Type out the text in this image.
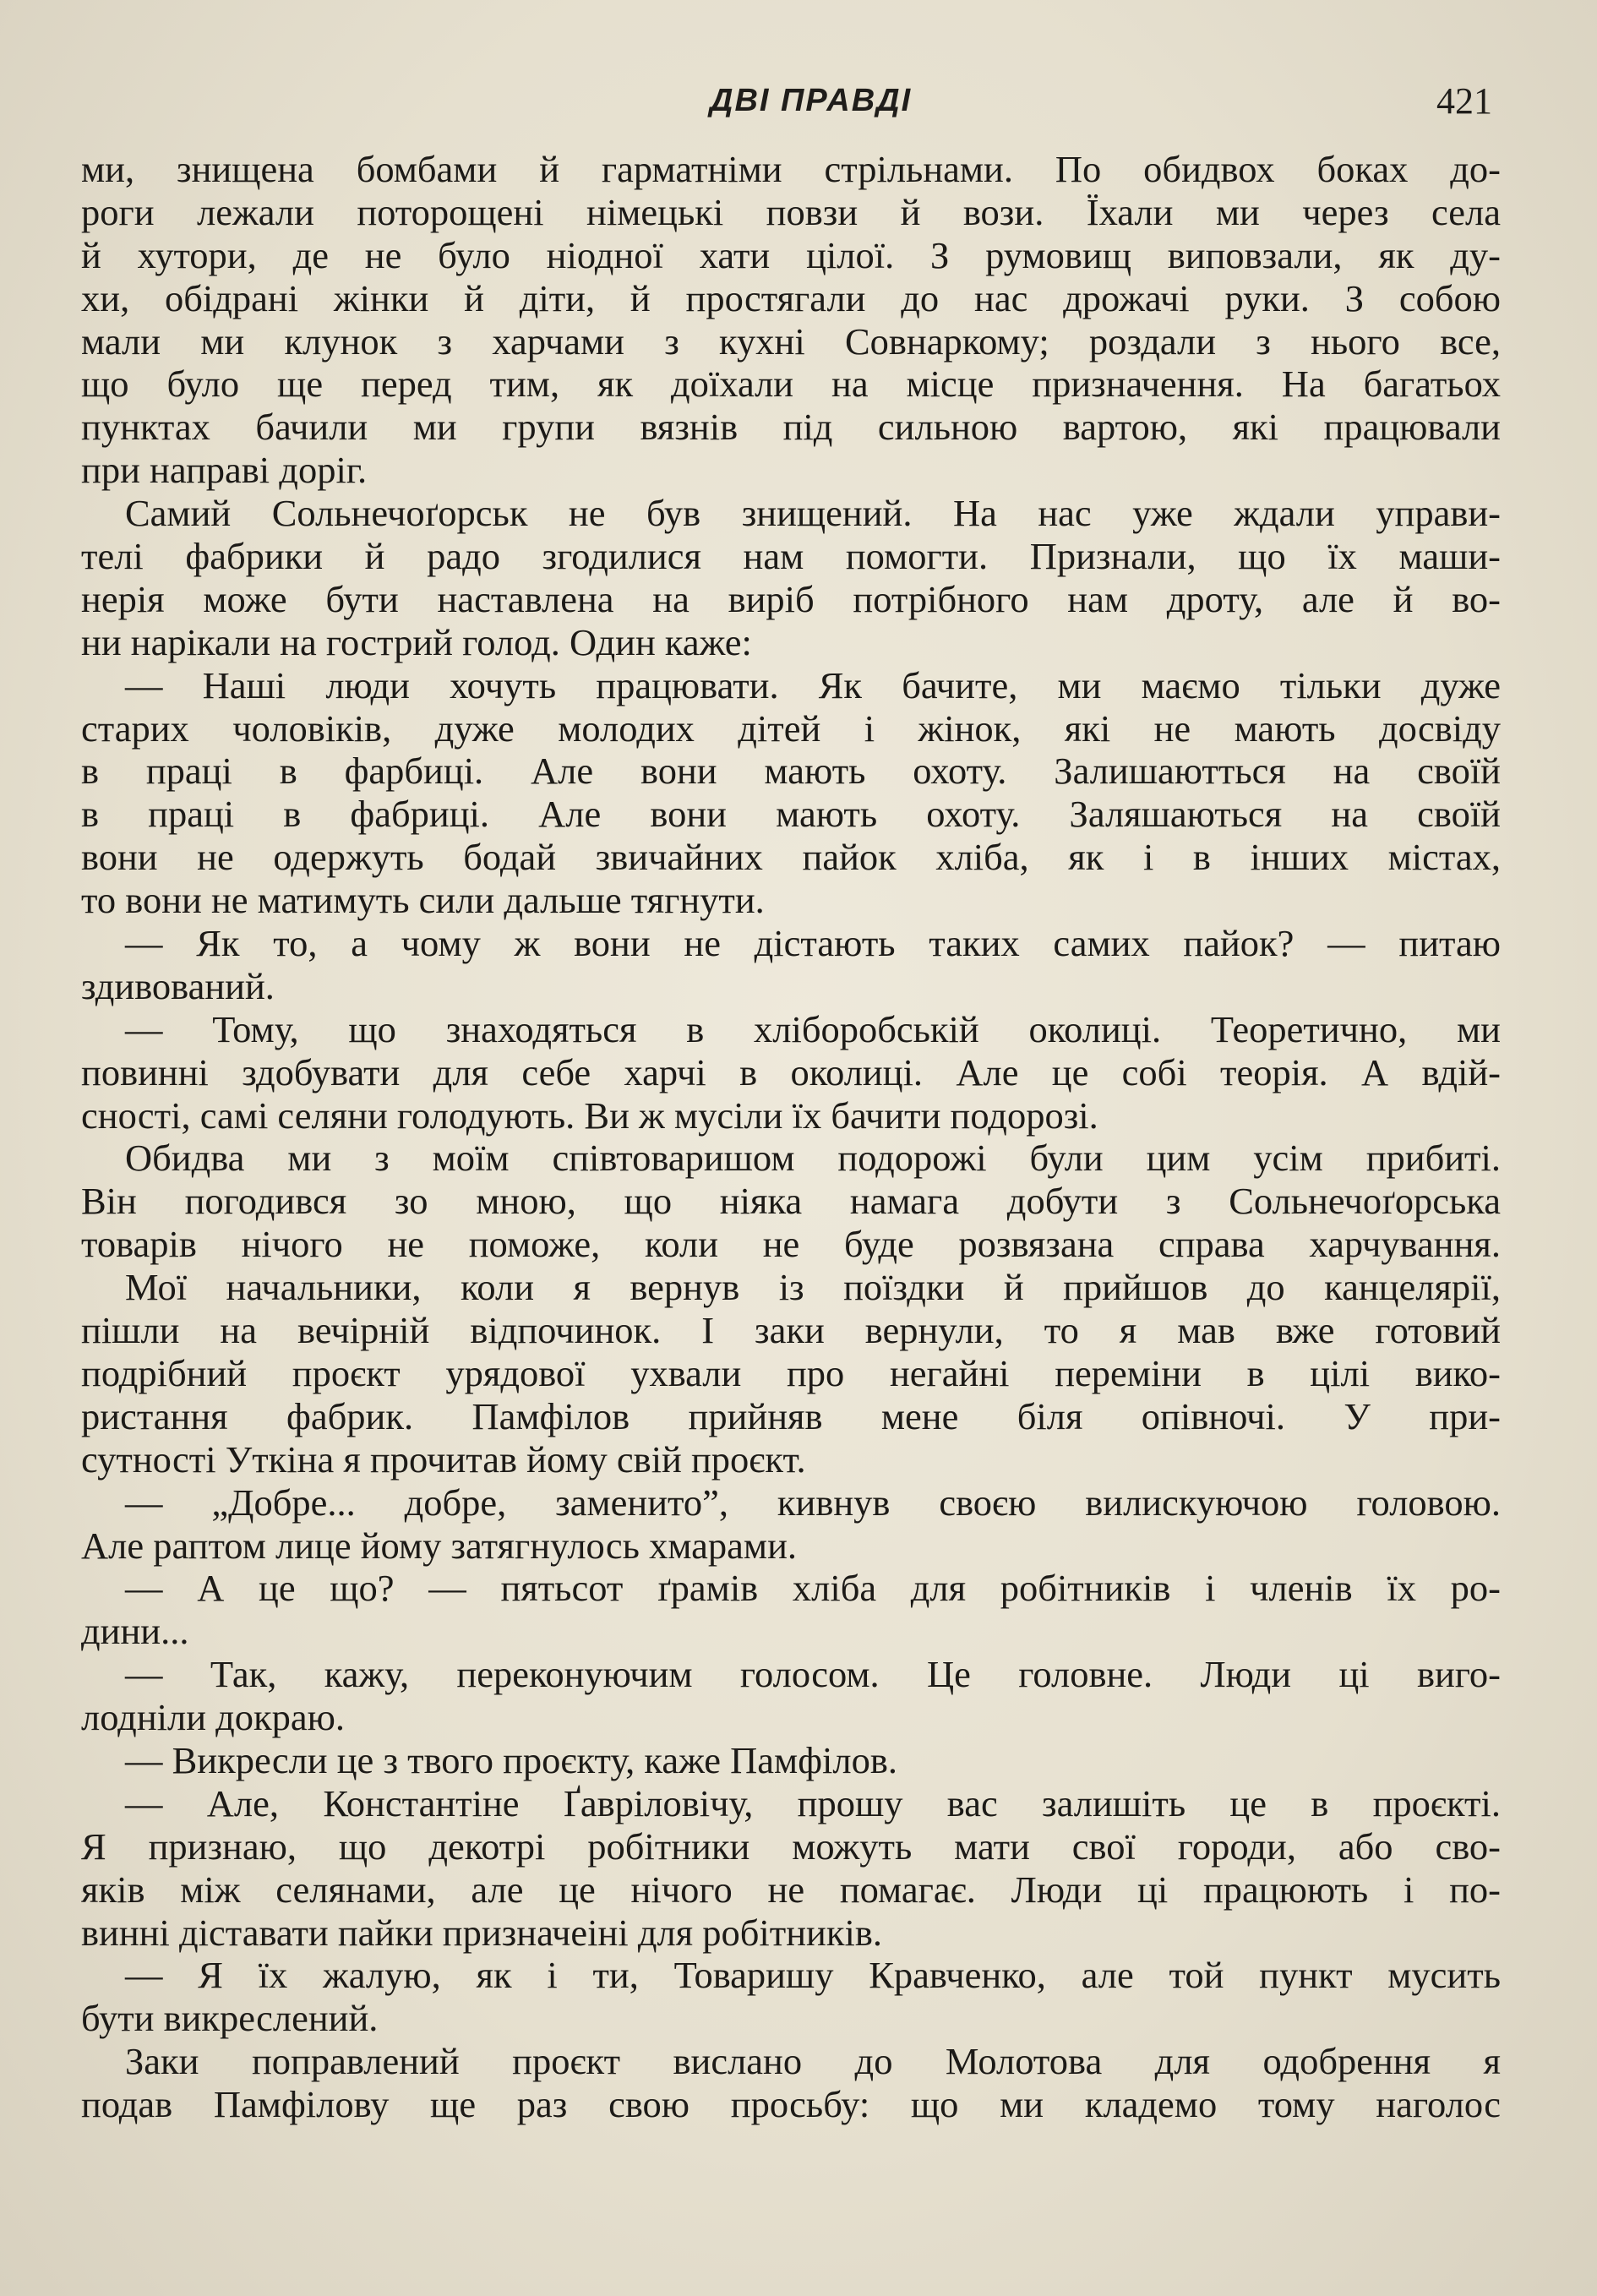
ДВІ ПРАВДІ	421
ми, знищена бомбами й гарматніми стрільнами. По обидвох боках до-
роги лежали поторощені німецькі повзи й вози. Їхали ми через села
й хутори, де не було ніодної хати цілої. З румовищ виповзали, як ду-
хи, обідрані жінки й діти, й простягали до нас дрожачі руки. З собою
мали ми клунок з харчами з кухні Совнаркому; роздали з нього все,
що було ще перед тим, як доїхали на місце призначення. На багатьох
пунктах бачили ми групи вязнів під сильною вартою, які працювали
при направі доріг.
Самий Сольнечоґорськ не був знищений. На нас уже ждали управи-
телі фабрики й радо згодилися нам помогти. Признали, що їх маши-
нерія може бути наставлена на виріб потрібного нам дроту, але й во-
ни нарікали на гострий голод. Один каже:
— Наші люди хочуть працювати. Як бачите, ми маємо тільки дуже
старих чоловіків, дуже молодих дітей і жінок, які не мають досвіду
в праці в фарбиці. Але вони мають охоту. Залишаютться на своїй
в праці в фабриці. Але вони мають охоту. Заляшаються на своїй
вони не одержуть бодай звичайних пайок хліба, як і в інших містах,
то вони не матимуть сили дальше тягнути.
— Як то, а чому ж вони не дістають таких самих пайок? — питаю
здивований.
— Тому, що знаходяться в хліборобській околиці. Теоретично, ми
повинні здобувати для себе харчі в околиці. Але це собі теорія. А вдій-
сності, самі селяни голодують. Ви ж мусіли їх бачити подорозі.
Обидва ми з моїм співтоваришом подорожі були цим усім прибиті.
Він погодився зо мною, що ніяка намага добути з Сольнечоґорська
товарів нічого не поможе, коли не буде розвязана справа харчування.
Мої начальники, коли я вернув із поїздки й прийшов до канцелярії,
пішли на вечірній відпочинок. І заки вернули, то я мав вже готовий
подрібний проєкт урядової ухвали про негайні переміни в цілі вико-
ристання фабрик. Памфілов прийняв мене біля опівночі. У при-
сутності Уткіна я прочитав йому свій проєкт.
— „Добре... добре, заменито”, кивнув своєю вилискуючою головою.
Але раптом лице йому затягнулось хмарами.
— А це що? — пятьсот ґрамів хліба для робітників і членів їх ро-
дини...
— Так, кажу, переконуючим голосом. Це головне. Люди ці виго-
лодніли докраю.
— Викресли це з твого проєкту, каже Памфілов.
— Але, Константіне Ґавріловічу, прошу вас залишіть це в проєкті.
Я признаю, що декотрі робітники можуть мати свої городи, або сво-
яків між селянами, але це нічого не помагає. Люди ці працюють і по-
винні діставати пайки призначеіні для робітників.
— Я їх жалую, як і ти, Товаришу Кравченко, але той пункт мусить
бути викреслений.
Заки поправлений проєкт вислано до Молотова для одобрення я
подав Памфілову ще раз свою просьбу: що ми кладемо тому наголос
